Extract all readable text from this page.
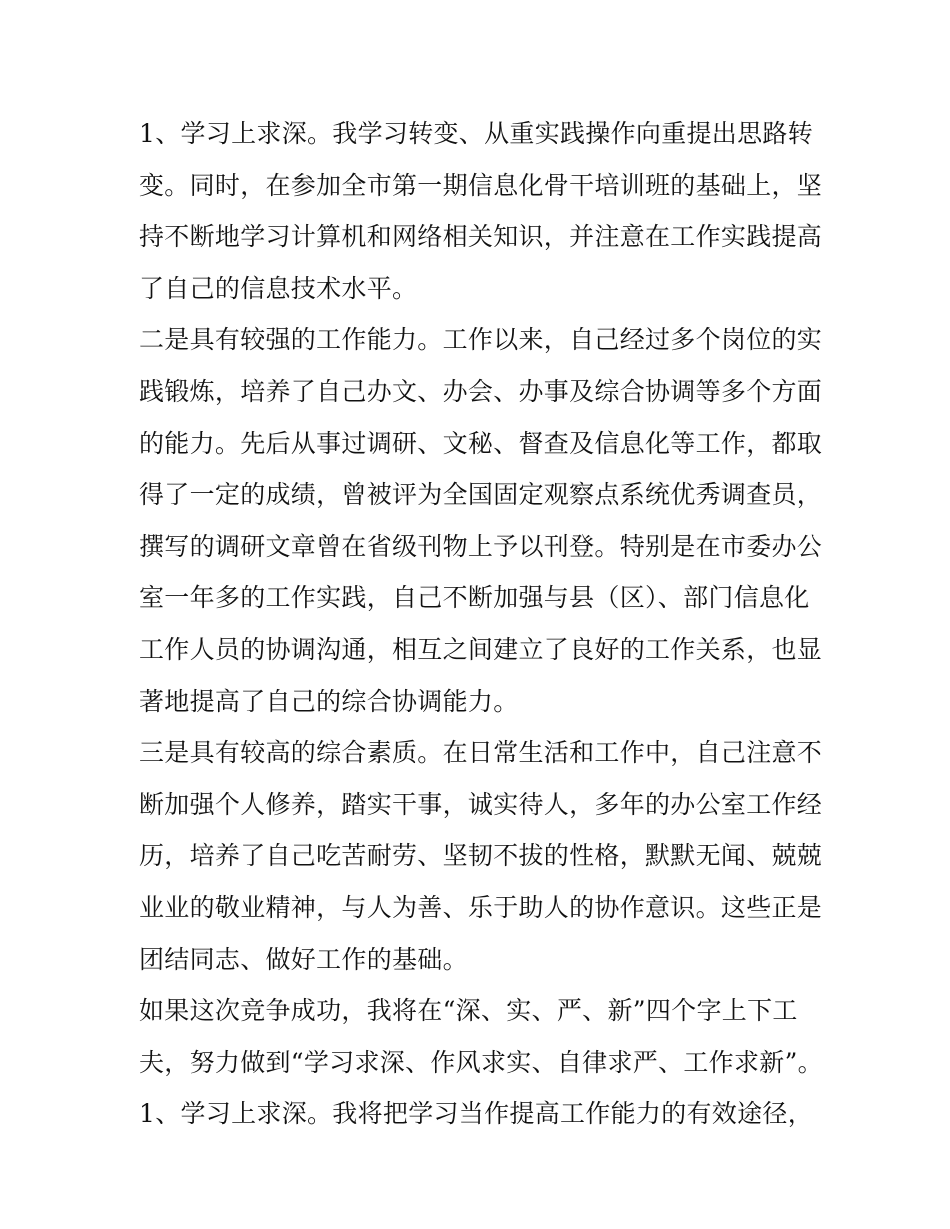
1、学习上求深。我学习转变、从重实践操作向重提出思路转
变。同时，在参加全市第一期信息化骨干培训班的基础上，坚
持不断地学习计算机和网络相关知识，并注意在工作实践提高
了自己的信息技术水平。
二是具有较强的工作能力。工作以来，自己经过多个岗位的实
践锻炼，培养了自己办文、办会、办事及综合协调等多个方面
的能力。先后从事过调研、文秘、督查及信息化等工作，都取
得了一定的成绩，曾被评为全国固定观察点系统优秀调查员，
撰写的调研文章曾在省级刊物上予以刊登。特别是在市委办公
室一年多的工作实践，自己不断加强与县（区）、部门信息化
工作人员的协调沟通，相互之间建立了良好的工作关系，也显
著地提高了自己的综合协调能力。
三是具有较高的综合素质。在日常生活和工作中，自己注意不
断加强个人修养，踏实干事，诚实待人，多年的办公室工作经
历，培养了自己吃苦耐劳、坚韧不拔的性格，默默无闻、兢兢
业业的敬业精神，与人为善、乐于助人的协作意识。这些正是
团结同志、做好工作的基础。
如果这次竞争成功，我将在“深、实、严、新”四个字上下工
夫，努力做到“学习求深、作风求实、自律求严、工作求新”。
1、学习上求深。我将把学习当作提高工作能力的有效途径，
